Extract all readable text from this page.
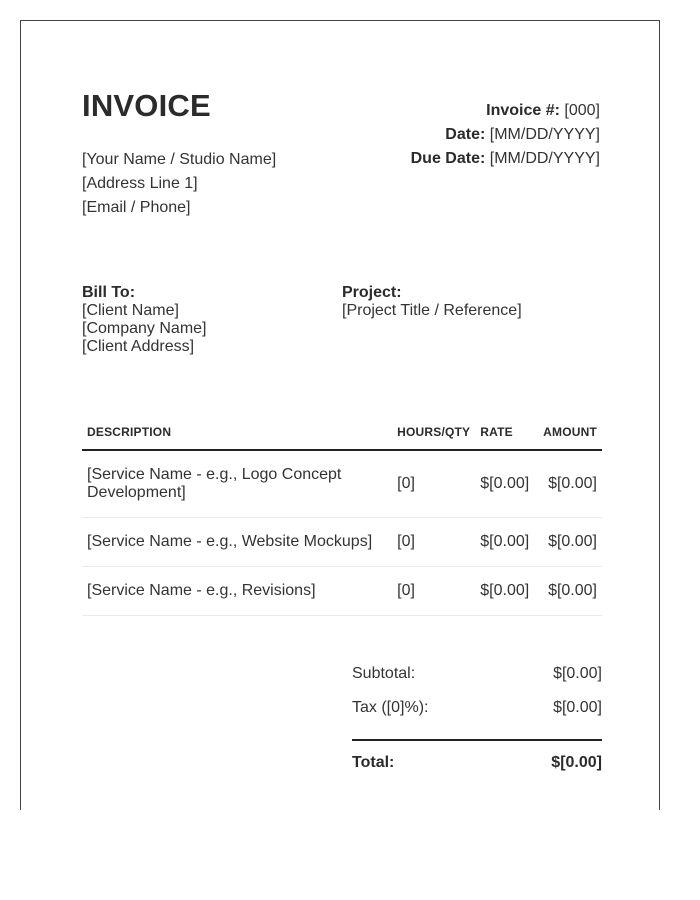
INVOICE
[Your Name / Studio Name]
[Address Line 1]
[Email / Phone]
Invoice #: [000]
Date: [MM/DD/YYYY]
Due Date: [MM/DD/YYYY]
Bill To:
[Client Name]
[Company Name]
[Client Address]
Project:
[Project Title / Reference]
DESCRIPTION	HOURS/QTY	RATE	AMOUNT
[Service Name - e.g., Logo Concept Development]	[0]	$[0.00]	$[0.00]
[Service Name - e.g., Website Mockups]	[0]	$[0.00]	$[0.00]
[Service Name - e.g., Revisions]	[0]	$[0.00]	$[0.00]
Subtotal:	$[0.00]
Tax ([0]%):	$[0.00]
Total:	$[0.00]
